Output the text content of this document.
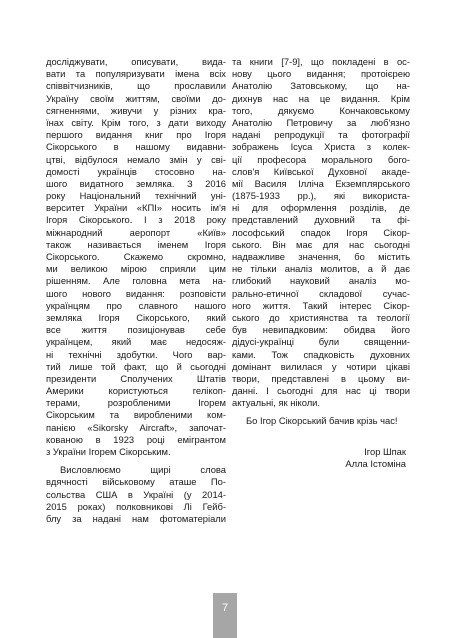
досліджувати, описувати, вида-
вати та популяризувати імена всіх
співвітчизників, що прославили
Україну своїм життям, своїми до-
сягненнями, живучи у різних кра-
їнах світу. Крім того, з дати виходу
першого видання книг про Ігоря
Сікорського в нашому видавни-
цтві, відбулося немало змін у сві-
домості українців стосовно на-
шого видатного земляка. З 2016
року Національний технічний уні-
верситет України «КПІ» носить ім'я
Ігоря Сікорського. І з 2018 року
міжнародний аеропорт «Київ»
також називається іменем Ігоря
Сікорського. Скажемо скромно,
ми великою мірою сприяли цим
рішенням. Але головна мета на-
шого нового видання: розповісти
українцям про славного нашого
земляка Ігоря Сікорського, який
все життя позиціонував себе
українцем, який має недосяж-
ні технічні здобутки. Чого вар-
тий лише той факт, що й сьогодні
президенти Сполучених Штатів
Америки користуються гелікоп-
терами, розробленими Ігорем
Сікорським та виробленими ком-
панією «Sikorsky Aircraft», започат-
кованою в 1923 році емігрантом
з України Ігорем Сікорським.
Висловлюємо щирі слова
вдячності військовому аташе По-
сольства США в Україні (у 2014-
2015 роках) полковникові Лі Гейб-
блу за надані нам фотоматеріали
та книги [7-9], що покладені в ос-
нову цього видання; протоієрею
Анатолію Затовському, що на-
дихнув нас на це видання. Крім
того, дякуємо Кончаковському
Анатолію Петровичу за люб'язно
надані репродукції та фотографії
зображень Ісуса Христа з колек-
ції професора морального бого-
слов'я Київської Духовної акаде-
мії Василя Ілліча Екземплярського
(1875-1933 рр.), які використа-
ні для оформлення розділів, де
представлений духовний та фі-
лософський спадок Ігоря Сікор-
ського. Він має для нас сьогодні
надважливе значення, бо містить
не тільки аналіз молитов, а й дає
глибокий науковий аналіз мо-
рально-етичної складової сучас-
ного життя. Такий інтерес Сікор-
ського до християнства та теології
був невипадковим: обидва його
дідусі-українці були священни-
ками. Тож спадковість духовних
домінант вилилася у чотири цікаві
твори, представлені в цьому ви-
данні. І сьогодні для нас ці твори
актуальні, як ніколи.
Бо Ігор Сікорський бачив крізь час!
Ігор Шпак
Алла Істоміна
7
